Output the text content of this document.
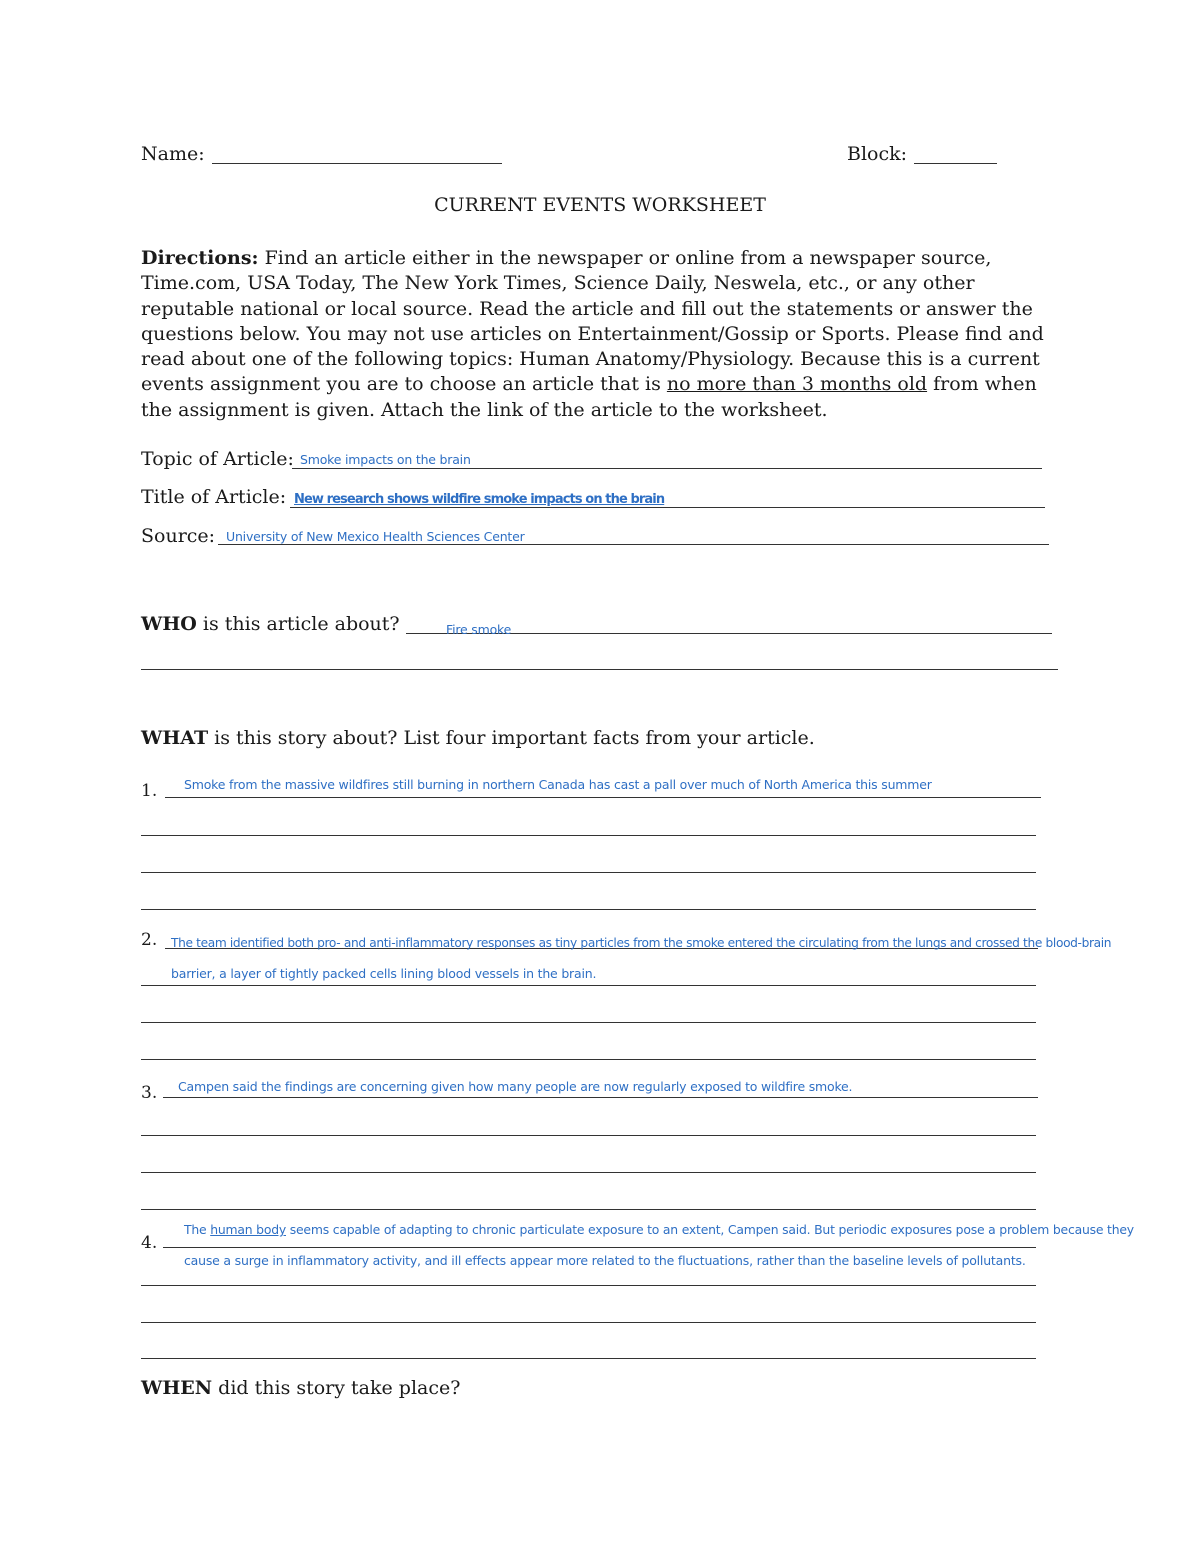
Name:	Block:
CURRENT EVENTS WORKSHEET
Directions: Find an article either in the newspaper or online from a newspaper source, Time.com, USA Today, The New York Times, Science Daily, Neswela, etc., or any other reputable national or local source. Read the article and fill out the statements or answer the questions below. You may not use articles on Entertainment/Gossip or Sports. Please find and read about one of the following topics: Human Anatomy/Physiology. Because this is a current events assignment you are to choose an article that is no more than 3 months old from when the assignment is given. Attach the link of the article to the worksheet.
Topic of Article: Smoke impacts on the brain
Title of Article: New research shows wildfire smoke impacts on the brain
Source: University of New Mexico Health Sciences Center
WHO is this article about?	Fire smoke
WHAT is this story about? List four important facts from your article.
1. Smoke from the massive wildfires still burning in northern Canada has cast a pall over much of North America this summer
2. The team identified both pro- and anti-inflammatory responses as tiny particles from the smoke entered the circulating from the lungs and crossed the blood-brain
barrier, a layer of tightly packed cells lining blood vessels in the brain.
3. Campen said the findings are concerning given how many people are now regularly exposed to wildfire smoke.
4.
The human body seems capable of adapting to chronic particulate exposure to an extent, Campen said. But periodic exposures pose a problem because they
cause a surge in inflammatory activity, and ill effects appear more related to the fluctuations, rather than the baseline levels of pollutants.
WHEN did this story take place?
